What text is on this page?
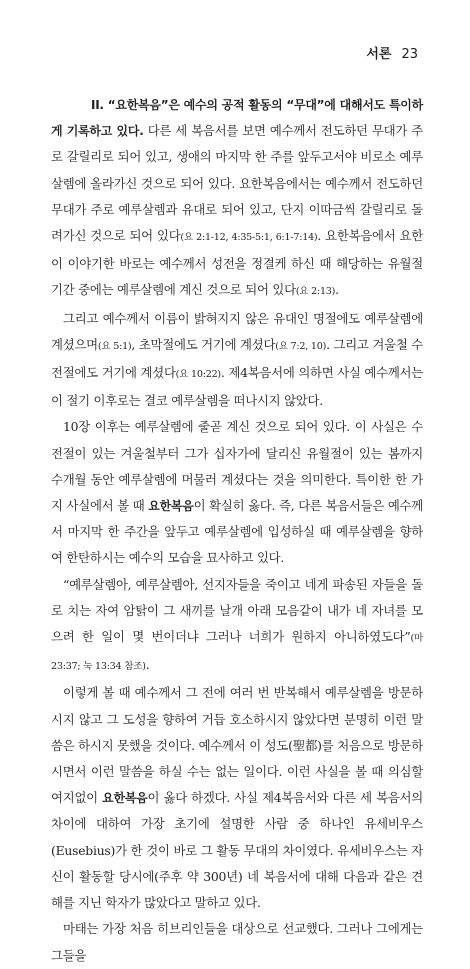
서론 23

II. “요한복음”은 예수의 공적 활동의 “무대”에 대해서도 특이하게 기록하고 있다. 다른 세 복음서를 보면 예수께서 전도하던 무대가 주로 갈릴리로 되어 있고, 생애의 마지막 한 주를 앞두고서야 비로소 예루살렘에 올라가신 것으로 되어 있다. 요한복음에서는 예수께서 전도하던 무대가 주로 예루살렘과 유대로 되어 있고, 단지 이따금씩 갈릴리로 돌려가신 것으로 되어 있다(요 2:1-12, 4:35-5:1, 6:1-7:14). 요한복음에서 요한이 이야기한 바로는 예수께서 성전을 정결케 하신 때 해당하는 유월절 기간 중에는 예루살렘에 계신 것으로 되어 있다(요 2:13).

그리고 예수께서 이름이 밝혀지지 않은 유대인 명절에도 예루살렘에 계셨으며(요 5:1), 초막절에도 거기에 계셨다(요 7:2, 10). 그리고 겨울철 수전절에도 거기에 계셨다(요 10:22). 제4복음서에 의하면 사실 예수께서는 이 절기 이후로는 결코 예루살렘을 떠나시지 않았다.

10장 이후는 예루살렘에 줄곧 계신 것으로 되어 있다. 이 사실은 수전절이 있는 겨울철부터 그가 십자가에 달리신 유월절이 있는 봄까지 수개월 동안 예루살렘에 머물러 계셨다는 것을 의미한다. 특이한 한 가지 사실에서 볼 때 요한복음이 확실히 옳다. 즉, 다른 복음서들은 예수께서 마지막 한 주간을 앞두고 예루살렘에 입성하실 때 예루살렘을 향하여 한탄하시는 예수의 모습을 묘사하고 있다.

“예루살렘아, 예루살렘아, 선지자들을 죽이고 네게 파송된 자들을 돌로 치는 자여 암탉이 그 새끼를 날개 아래 모음같이 내가 네 자녀를 모으려 한 일이 몇 번이더냐 그러나 너희가 원하지 아니하였도다”(마 23:37; 눅 13:34 참조).

이렇게 볼 때 예수께서 그 전에 여러 번 반복해서 예루살렘을 방문하시지 않고 그 도성을 향하여 거듭 호소하시지 않았다면 분명히 이런 말씀은 하시지 못했을 것이다. 예수께서 이 성도(聖都)를 처음으로 방문하시면서 이런 말씀을 하실 수는 없는 일이다. 이런 사실을 볼 때 의심할 여지없이 요한복음이 옳다 하겠다. 사실 제4복음서와 다른 세 복음서의 차이에 대하여 가장 초기에 설명한 사람 중 하나인 유세비우스(Eusebius)가 한 것이 바로 그 활동 무대의 차이였다. 유세비우스는 자신이 활동할 당시에(주후 약 300년) 네 복음서에 대해 다음과 같은 견해를 지닌 학자가 많았다고 말하고 있다.

마태는 가장 처음 히브리인들을 대상으로 선교했다. 그러나 그에게는 그들을
